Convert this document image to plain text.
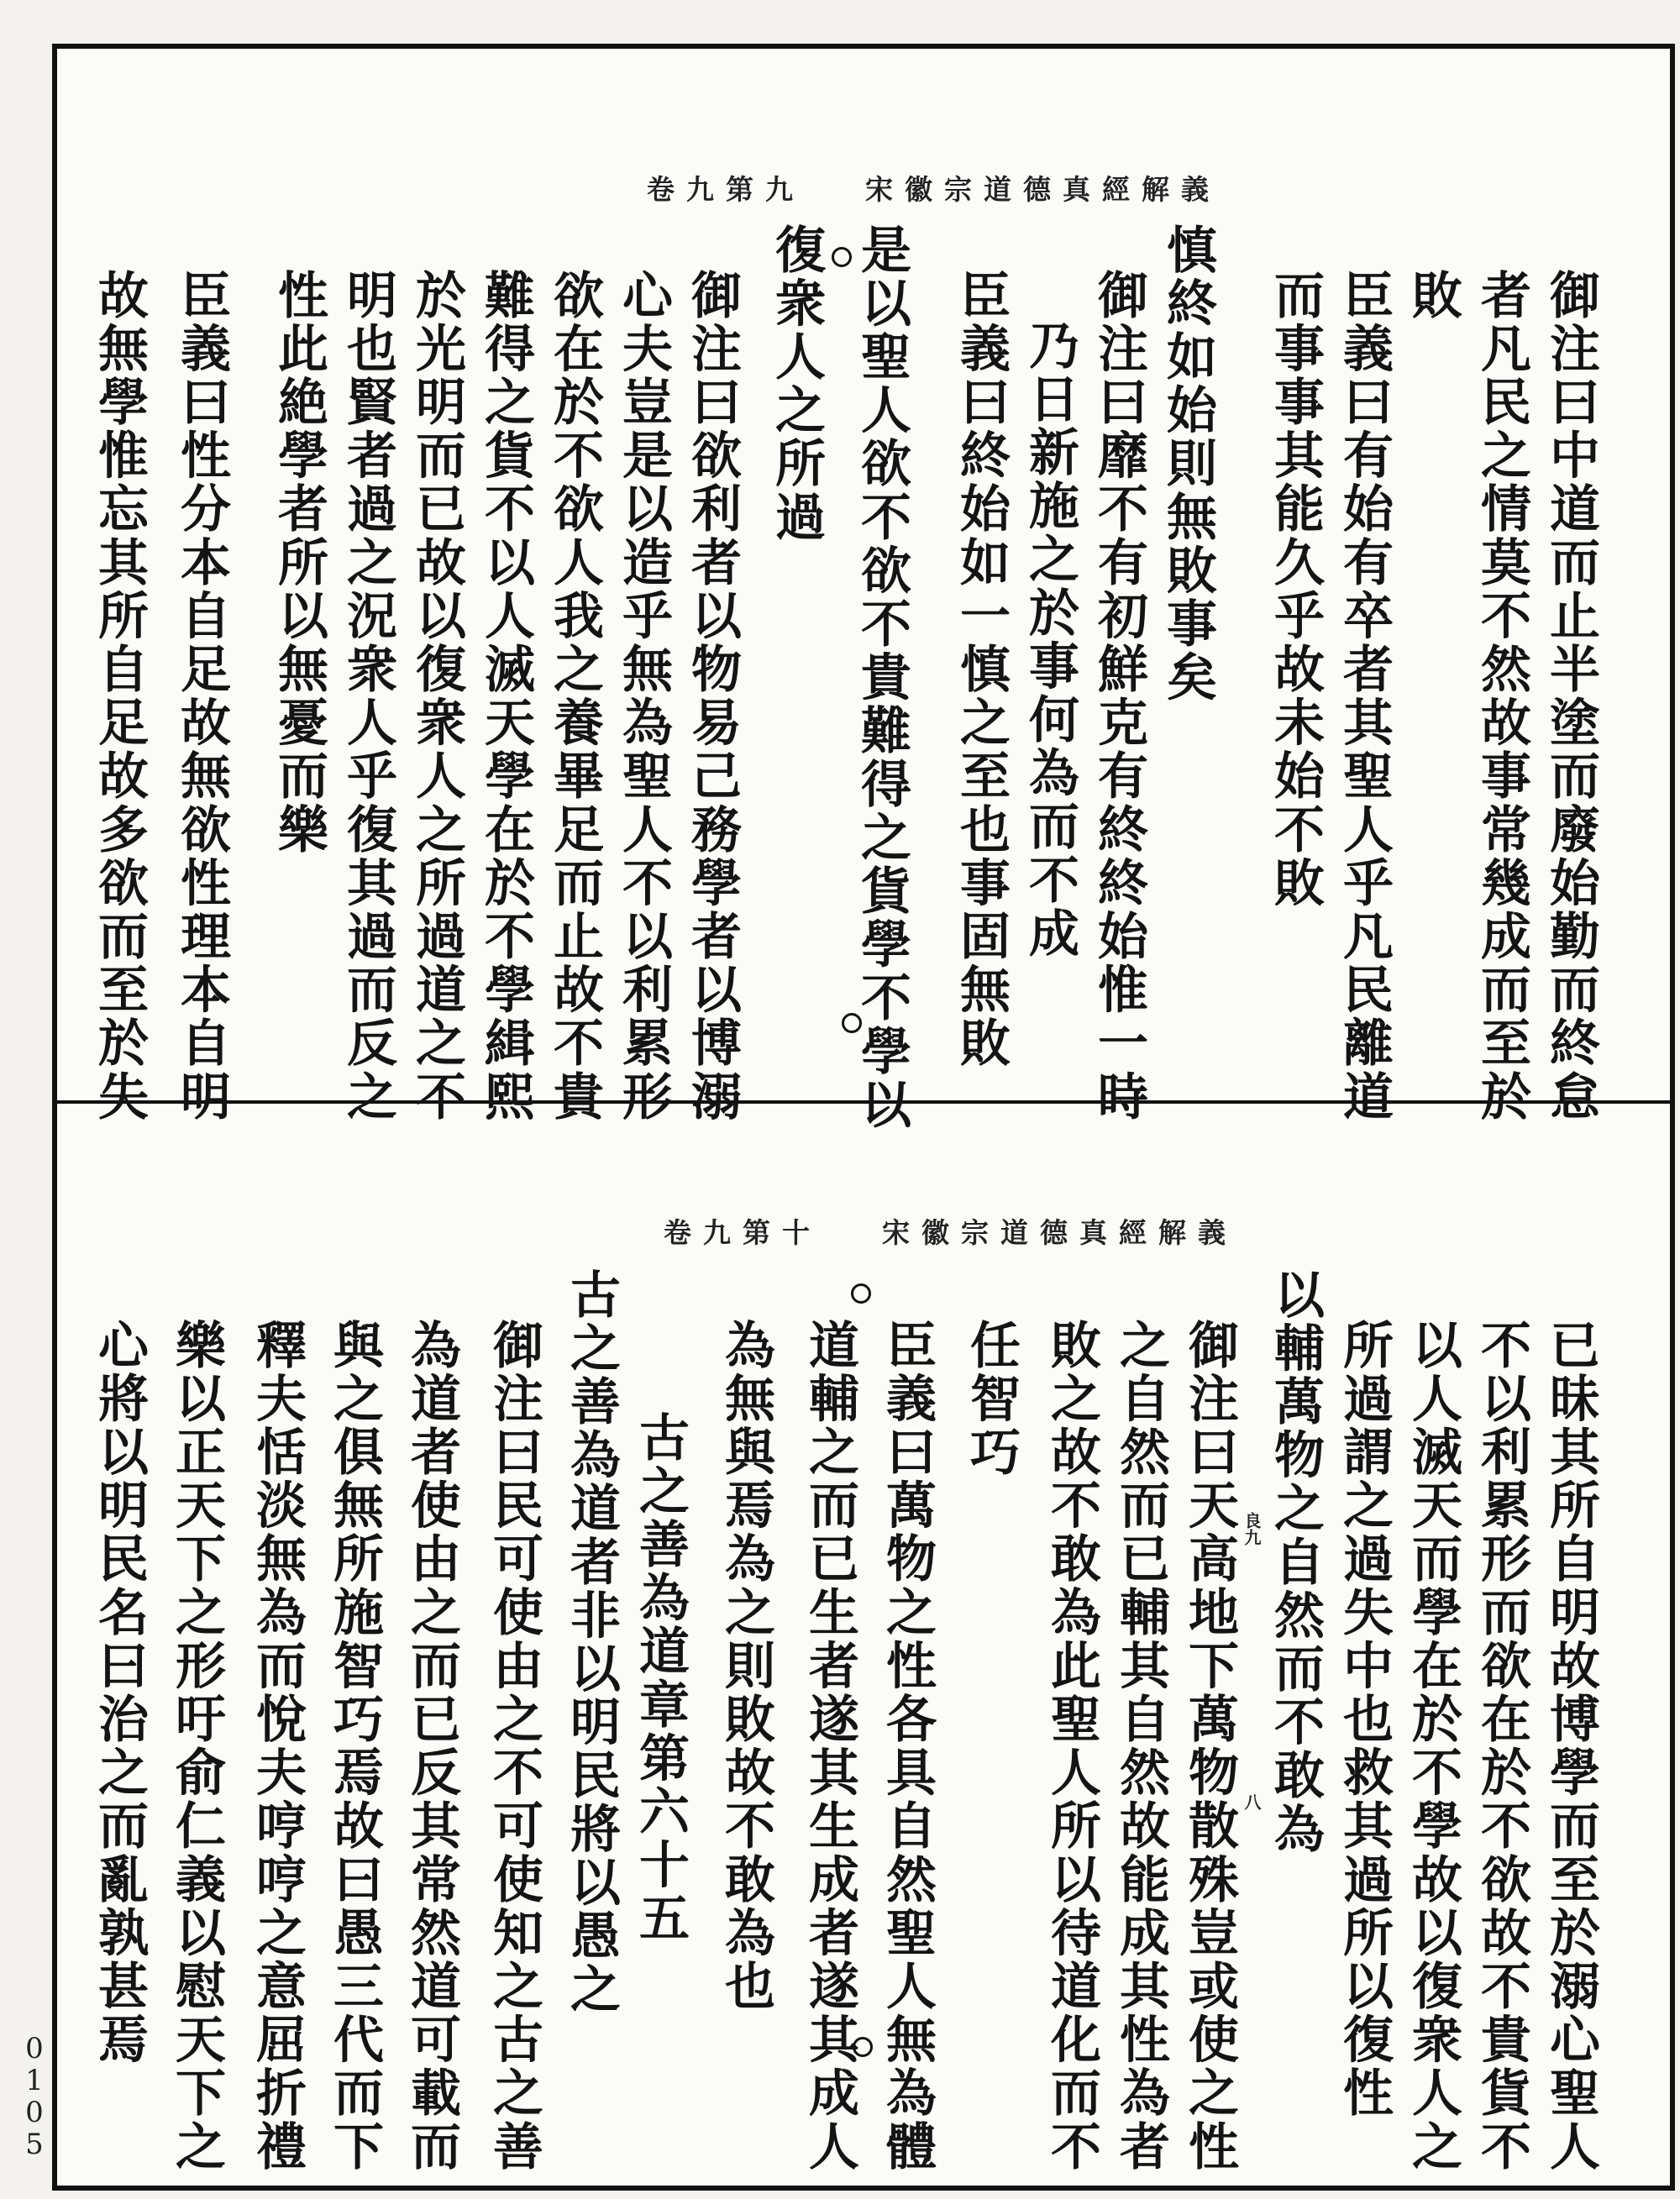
0
1
0
5
宋徽宗道德真經解義
卷九第九
御注曰中道而止半塗而廢始勤而終怠
者凡民之情莫不然故事常幾成而至於
敗
臣義曰有始有卒者其聖人乎凡民離道
而事事其能久乎故未始不敗
慎終如始則無敗事矣
御注曰靡不有初鮮克有終終始惟一時
乃日新施之於事何為而不成
臣義曰終始如一慎之至也事固無敗
是以聖人欲不欲不貴難得之貨學不學以
復衆人之所過
御注曰欲利者以物易己務學者以博溺
心夫豈是以造乎無為聖人不以利累形
欲在於不欲人我之養畢足而止故不貴
難得之貨不以人滅天學在於不學緝熙
於光明而已故以復衆人之所過道之不
明也賢者過之況衆人乎復其過而反之
性此絶學者所以無憂而樂
臣義曰性分本自足故無欲性理本自明
故無學惟忘其所自足故多欲而至於失
宋徽宗道德真經解義
卷九第十
已昧其所自明故博學而至於溺心聖人
不以利累形而欲在於不欲故不貴貨不
以人滅天而學在於不學故以復衆人之
所過謂之過失中也救其過所以復性
以輔萬物之自然而不敢為
良九
八
御注曰天高地下萬物散殊豈或使之性
之自然而已輔其自然故能成其性為者
敗之故不敢為此聖人所以待道化而不
任智巧
臣義曰萬物之性各具自然聖人無為體
道輔之而已生者遂其生成者遂其成人
為無與焉為之則敗故不敢為也
古之善為道章第六十五
古之善為道者非以明民將以愚之
御注曰民可使由之不可使知之古之善
為道者使由之而已反其常然道可載而
與之俱無所施智巧焉故曰愚三代而下
釋夫恬淡無為而悅夫哼哼之意屈折禮
樂以正天下之形吁俞仁義以慰天下之
心將以明民名曰治之而亂孰甚焉
